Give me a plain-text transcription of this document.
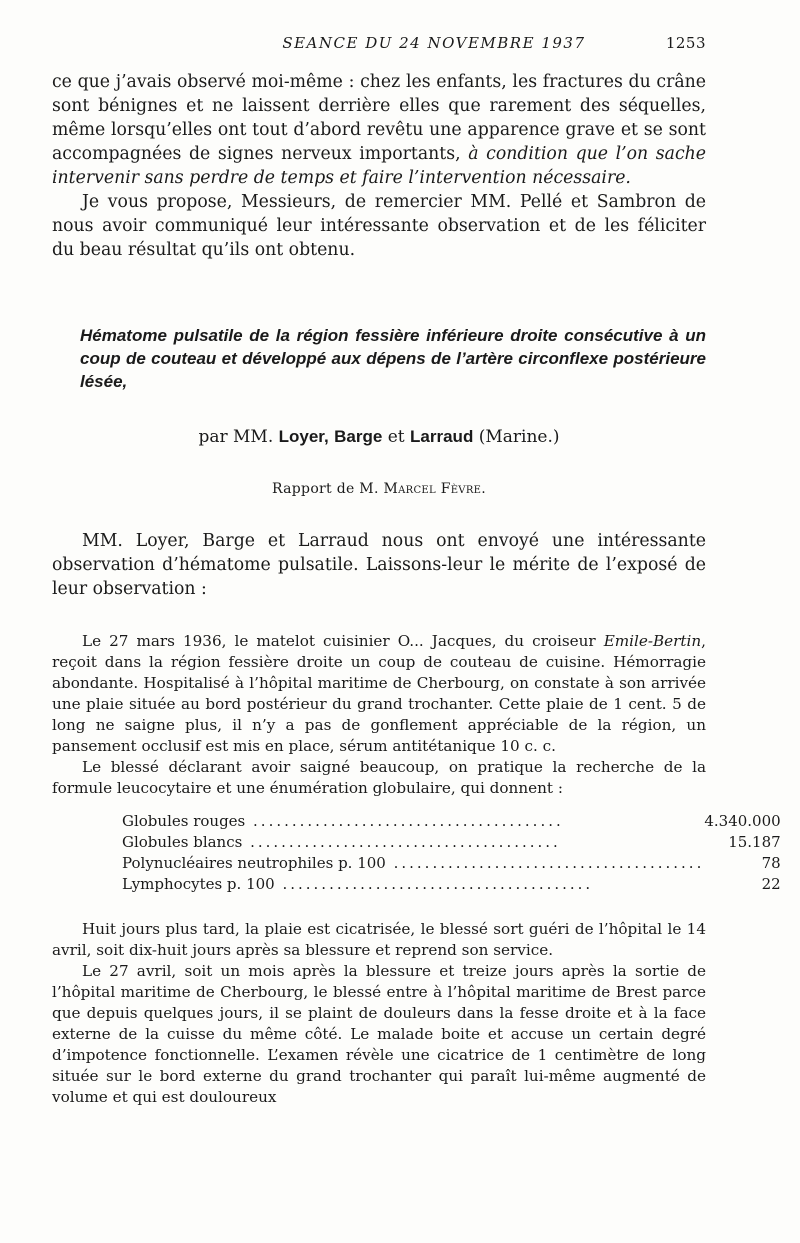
SEANCE DU 24 NOVEMBRE 1937	1253

ce que j’avais observé moi-même : chez les enfants, les fractures du crâne sont bénignes et ne laissent derrière elles que rarement des séquelles, même lorsqu’elles ont tout d’abord revêtu une apparence grave et se sont accompagnées de signes nerveux importants, à condition que l’on sache intervenir sans perdre de temps et faire l’intervention nécessaire.

Je vous propose, Messieurs, de remercier MM. Pellé et Sambron de nous avoir communiqué leur intéressante observation et de les féliciter du beau résultat qu’ils ont obtenu.

Hématome pulsatile de la région fessière inférieure droite consécutive à un coup de couteau et développé aux dépens de l’artère circonflexe postérieure lésée,

par MM. Loyer, Barge et Larraud (Marine.)
Rapport de M. Marcel Fèvre.

MM. Loyer, Barge et Larraud nous ont envoyé une intéressante observation d’hématome pulsatile. Laissons-leur le mérite de l’exposé de leur observation :

Le 27 mars 1936, le matelot cuisinier O... Jacques, du croiseur Emile-Bertin, reçoit dans la région fessière droite un coup de couteau de cuisine. Hémorragie abondante. Hospitalisé à l’hôpital maritime de Cherbourg, on constate à son arrivée une plaie située au bord postérieur du grand trochanter. Cette plaie de 1 cent. 5 de long ne saigne plus, il n’y a pas de gonflement appréciable de la région, un pansement occlusif est mis en place, sérum antitétanique 10 c. c.

Le blessé déclarant avoir saigné beaucoup, on pratique la recherche de la formule leucocytaire et une énumération globulaire, qui donnent :

Globules rouges ........................................	4.340.000
Globules blancs ........................................	15.187
Polynucléaires neutrophiles p. 100 ........................................	78
Lymphocytes p. 100 ........................................	22

Huit jours plus tard, la plaie est cicatrisée, le blessé sort guéri de l’hôpital le 14 avril, soit dix-huit jours après sa blessure et reprend son service.

Le 27 avril, soit un mois après la blessure et treize jours après la sortie de l’hôpital maritime de Cherbourg, le blessé entre à l’hôpital maritime de Brest parce que depuis quelques jours, il se plaint de douleurs dans la fesse droite et à la face externe de la cuisse du même côté. Le malade boite et accuse un certain degré d’impotence fonctionnelle. L’examen révèle une cicatrice de 1 centimètre de long située sur le bord externe du grand trochanter qui paraît lui-même augmenté de volume et qui est douloureux
